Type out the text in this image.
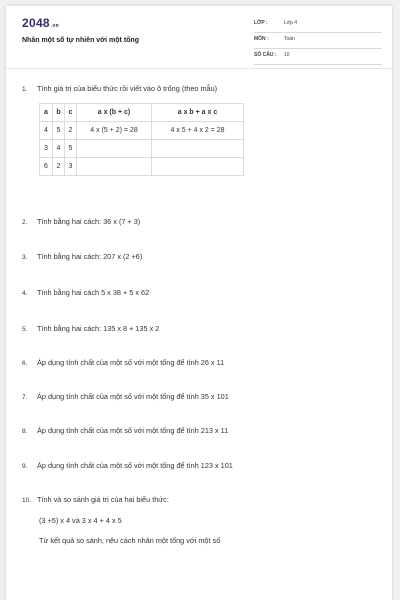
2048.vn
Nhân một số tự nhiên với một tổng
LỚP :	Lớp 4
MÔN :	Toán
SỐ CÂU : 10
1. Tính giá trị của biểu thức rồi viết vào ô trống (theo mẫu)
a	b	c	a x (b + c)	a x b + a x c
4	5	2	4 x (5 + 2) = 28	4 x 5 + 4 x 2 = 28
3	4	5		
6	2	3		
2. Tính bằng hai cách: 36 x (7 + 3)
3. Tính bằng hai cách: 207 x (2 +6)
4. Tính bằng hai cách 5 x 38 + 5 x 62
5. Tính bằng hai cách: 135 x 8 + 135 x 2
6. Áp dụng tính chất của một số với một tổng để tính 26 x 11
7. Áp dụng tính chất của một số với một tổng để tính 35 x 101
8. Áp dụng tính chất của một số với một tổng để tính 213 x 11
9. Áp dụng tính chất của một số với một tổng để tính 123 x 101
10. Tính và so sánh giá trị của hai biểu thức:
(3 +5) x 4 và 3 x 4 + 4 x 5
Từ kết quả so sánh, nêu cách nhân một tổng với một số
